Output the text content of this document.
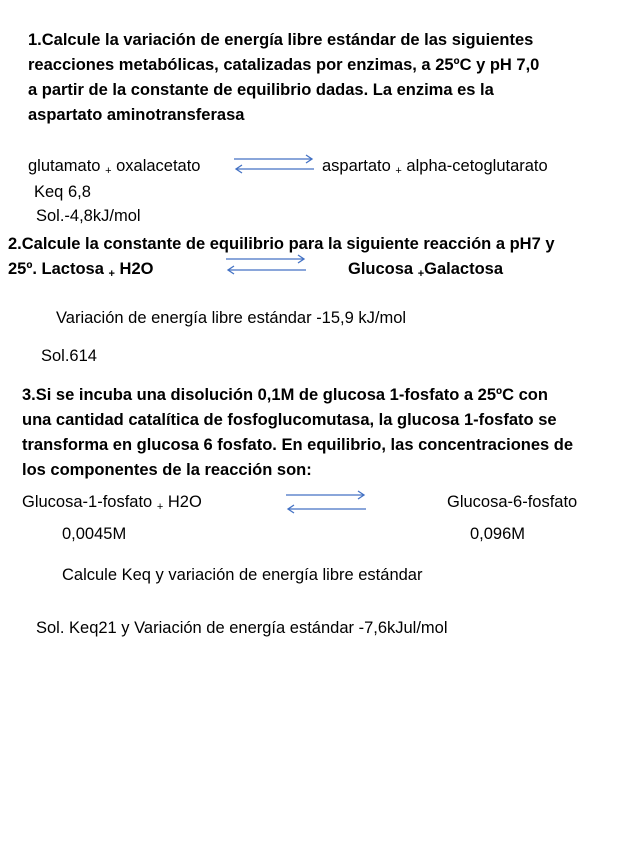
1.Calcule la variación de energía libre estándar de las siguientes
reacciones metabólicas, catalizadas por enzimas, a 25ºC y pH 7,0
a partir de la constante de equilibrio dadas. La enzima es la
aspartato aminotransferasa
glutamato + oxalacetato	aspartato + alpha-cetoglutarato
Keq 6,8
Sol.-4,8kJ/mol
2.Calcule la constante de equilibrio para la siguiente reacción a pH7 y
25º. Lactosa + H2O	Glucosa +Galactosa
Variación de energía libre estándar -15,9 kJ/mol
Sol.614
3.Si se incuba una disolución 0,1M de glucosa 1-fosfato a 25ºC con
una cantidad catalítica de fosfoglucomutasa, la glucosa 1-fosfato se
transforma en glucosa 6 fosfato. En equilibrio, las concentraciones de
los componentes de la reacción son:
Glucosa-1-fosfato + H2O	Glucosa-6-fosfato
0,0045M	0,096M
Calcule Keq y variación de energía libre estándar
Sol. Keq21 y Variación de energía estándar -7,6kJul/mol
